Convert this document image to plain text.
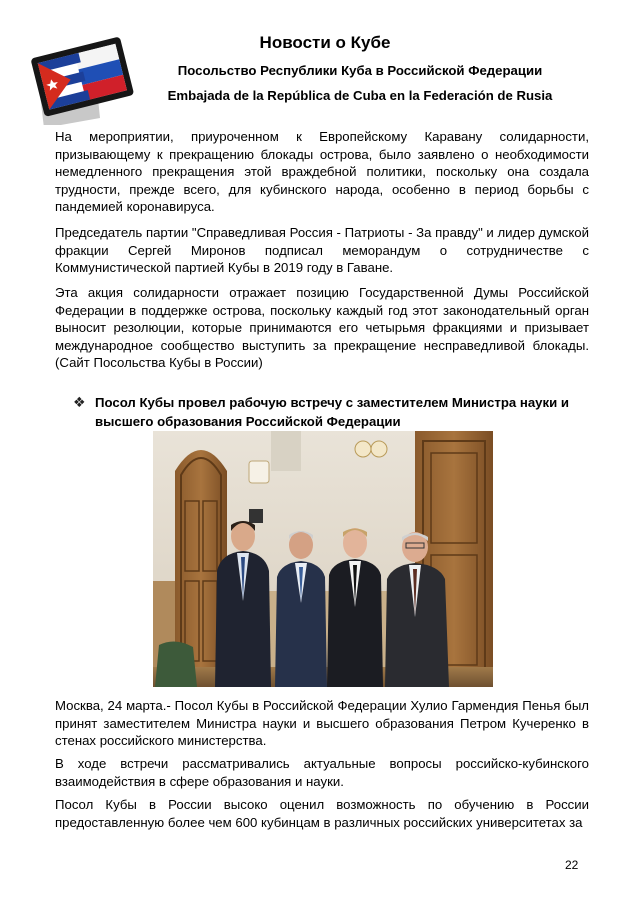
Новости о Кубе
Посольство Республики Куба в Российской Федерации
Embajada de la República de Cuba en la Federación de Rusia

На мероприятии, приуроченном к Европейскому Каравану солидарности, призывающему к прекращению блокады острова, было заявлено о необходимости немедленного прекращения этой враждебной политики, поскольку она создала трудности, прежде всего, для кубинского народа, особенно в период борьбы с пандемией коронавируса.

Председатель партии "Справедливая Россия - Патриоты - За правду" и лидер думской фракции Сергей Миронов подписал меморандум о сотрудничестве с Коммунистической партией Кубы в 2019 году в Гаване.

Эта акция солидарности отражает позицию Государственной Думы Российской Федерации в поддержке острова, поскольку каждый год этот законодательный орган выносит резолюции, которые принимаются его четырьмя фракциями и призывает международное сообщество выступить за прекращение несправедливой блокады. (Сайт Посольства Кубы в России)

❖ Посол Кубы провел рабочую встречу с заместителем Министра науки и высшего образования Российской Федерации

Москва, 24 марта.- Посол Кубы в Российской Федерации Хулио Гармендия Пенья был принят заместителем Министра науки и высшего образования Петром Кучеренко в стенах российского министерства.

В ходе встречи рассматривались актуальные вопросы российско-кубинского взаимодействия в сфере образования и науки.

Посол Кубы в России высоко оценил возможность по обучению в России предоставленную более чем 600 кубинцам в различных российских университетах за

22
